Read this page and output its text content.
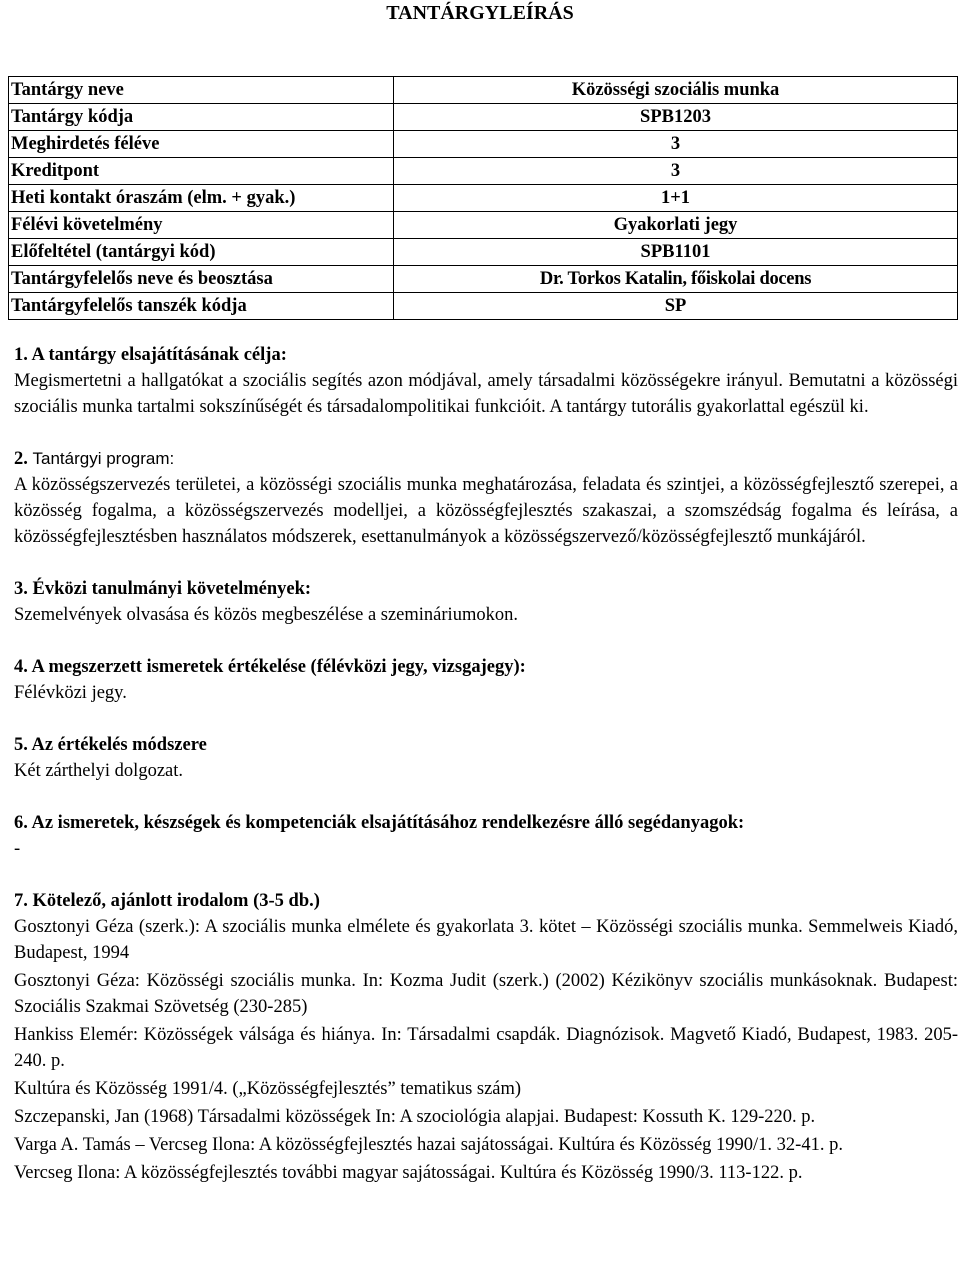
TANTÁRGYLEÍRÁS
Tantárgy neve	Közösségi szociális munka
Tantárgy kódja	SPB1203
Meghirdetés féléve	3
Kreditpont	3
Heti kontakt óraszám (elm. + gyak.)	1+1
Félévi követelmény	Gyakorlati jegy
Előfeltétel (tantárgyi kód)	SPB1101
Tantárgyfelelős neve és beosztása	Dr. Torkos Katalin, főiskolai docens
Tantárgyfelelős tanszék kódja	SP
1. A tantárgy elsajátításának célja:
Megismertetni a hallgatókat a szociális segítés azon módjával, amely társadalmi közösségekre irányul. Bemutatni a közösségi szociális munka tartalmi sokszínűségét és társadalompolitikai funkcióit. A tantárgy tutorális gyakorlattal egészül ki.
2. Tantárgyi program:
A közösségszervezés területei, a közösségi szociális munka meghatározása, feladata és szintjei, a közösségfejlesztő szerepei, a közösség fogalma, a közösségszervezés modelljei, a közösségfejlesztés szakaszai, a szomszédság fogalma és leírása, a közösségfejlesztésben használatos módszerek, esettanulmányok a közösségszervező/közösségfejlesztő munkájáról.
3. Évközi tanulmányi követelmények:
Szemelvények olvasása és közös megbeszélése a szemináriumokon.
4. A megszerzett ismeretek értékelése (félévközi jegy, vizsgajegy):
Félévközi jegy.
5. Az értékelés módszere
Két zárthelyi dolgozat.
6. Az ismeretek, készségek és kompetenciák elsajátításához rendelkezésre álló segédanyagok:
-
7. Kötelező, ajánlott irodalom (3-5 db.)

Gosztonyi Géza (szerk.): A szociális munka elmélete és gyakorlata 3. kötet – Közösségi szociális munka. Semmelweis Kiadó, Budapest, 1994

Gosztonyi Géza: Közösségi szociális munka. In: Kozma Judit (szerk.) (2002) Kézikönyv szociális munkásoknak. Budapest: Szociális Szakmai Szövetség (230-285)

Hankiss Elemér: Közösségek válsága és hiánya. In: Társadalmi csapdák. Diagnózisok. Magvető Kiadó, Budapest, 1983. 205-240. p.

Kultúra és Közösség 1991/4. („Közösségfejlesztés” tematikus szám)

Szczepanski, Jan (1968) Társadalmi közösségek In: A szociológia alapjai. Budapest: Kossuth K. 129-220. p.

Varga A. Tamás – Vercseg Ilona: A közösségfejlesztés hazai sajátosságai. Kultúra és Közösség 1990/1. 32-41. p.

Vercseg Ilona: A közösségfejlesztés további magyar sajátosságai. Kultúra és Közösség 1990/3. 113-122. p.
